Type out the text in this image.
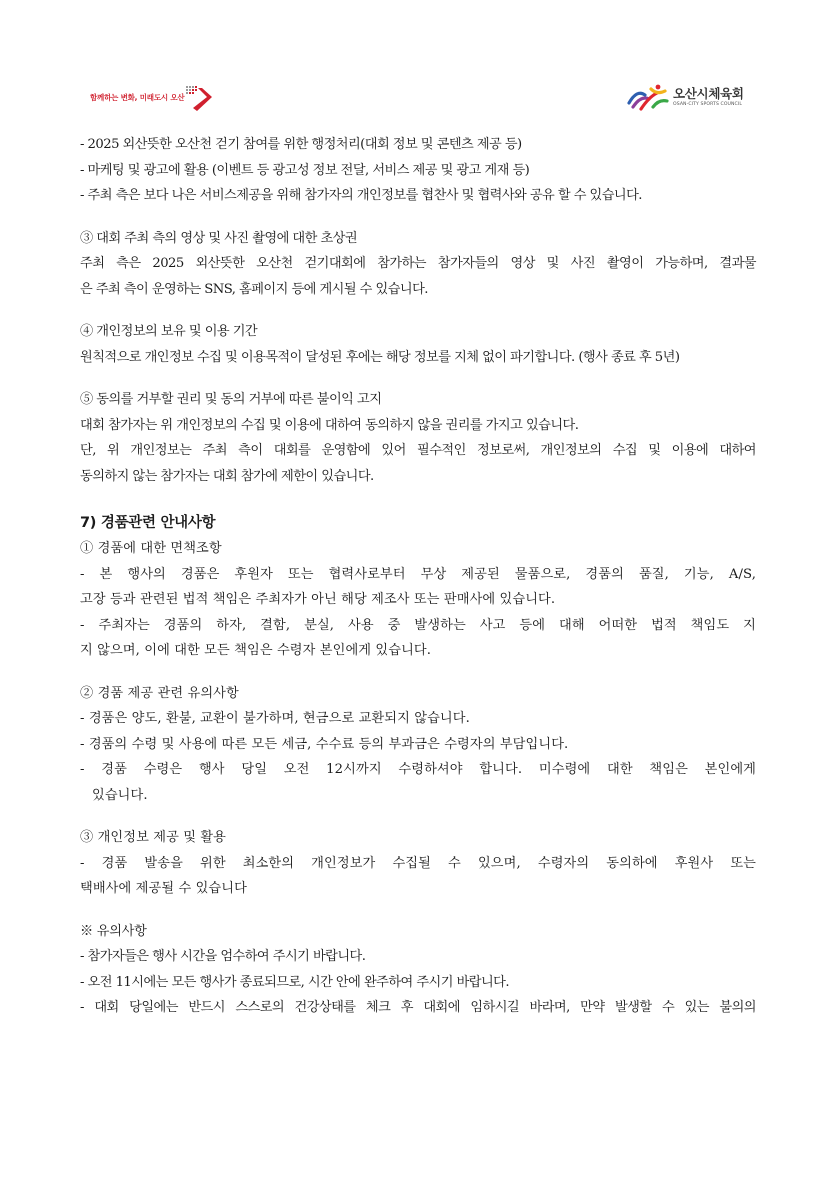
함께하는 변화, 미래도시 오산	오산시체육회
OSAN-CITY SPORTS COUNCIL
- 2025 외산뜻한 오산천 걷기 참여를 위한 행정처리(대회 정보 및 콘텐츠 제공 등)
- 마케팅 및 광고에 활용 (이벤트 등 광고성 정보 전달, 서비스 제공 및 광고 게재 등)
- 주최 측은 보다 나은 서비스제공을 위해 참가자의 개인정보를 협찬사 및 협력사와 공유 할 수 있습니다.
③ 대회 주최 측의 영상 및 사진 촬영에 대한 초상권
주최 측은 2025 외산뜻한 오산천 걷기대회에 참가하는 참가자들의 영상 및 사진 촬영이 가능하며, 결과물
은 주최 측이 운영하는 SNS, 홈페이지 등에 게시될 수 있습니다.
④ 개인정보의 보유 및 이용 기간
원칙적으로 개인정보 수집 및 이용목적이 달성된 후에는 해당 정보를 지체 없이 파기합니다. (행사 종료 후 5년)
⑤ 동의를 거부할 권리 및 동의 거부에 따른 불이익 고지
대회 참가자는 위 개인정보의 수집 및 이용에 대하여 동의하지 않을 권리를 가지고 있습니다.
단, 위 개인정보는 주최 측이 대회를 운영함에 있어 필수적인 정보로써, 개인정보의 수집 및 이용에 대하여
동의하지 않는 참가자는 대회 참가에 제한이 있습니다.
7) 경품관련 안내사항
① 경품에 대한 면책조항
- 본 행사의 경품은 후원자 또는 협력사로부터 무상 제공된 물품으로, 경품의 품질, 기능, A/S,
고장 등과 관련된 법적 책임은 주최자가 아닌 해당 제조사 또는 판매사에 있습니다.
- 주최자는 경품의 하자, 결함, 분실, 사용 중 발생하는 사고 등에 대해 어떠한 법적 책임도 지
지 않으며, 이에 대한 모든 책임은 수령자 본인에게 있습니다.
② 경품 제공 관련 유의사항
- 경품은 양도, 환불, 교환이 불가하며, 현금으로 교환되지 않습니다.
- 경품의 수령 및 사용에 따른 모든 세금, 수수료 등의 부과금은 수령자의 부담입니다.
- 경품 수령은 행사 당일 오전 12시까지 수령하셔야 합니다. 미수령에 대한 책임은 본인에게
있습니다.
③ 개인정보 제공 및 활용
- 경품 발송을 위한 최소한의 개인정보가 수집될 수 있으며, 수령자의 동의하에 후원사 또는
택배사에 제공될 수 있습니다
※ 유의사항
- 참가자들은 행사 시간을 엄수하여 주시기 바랍니다.
- 오전 11시에는 모든 행사가 종료되므로, 시간 안에 완주하여 주시기 바랍니다.
- 대회 당일에는 반드시 스스로의 건강상태를 체크 후 대회에 임하시길 바라며, 만약 발생할 수 있는 불의의
